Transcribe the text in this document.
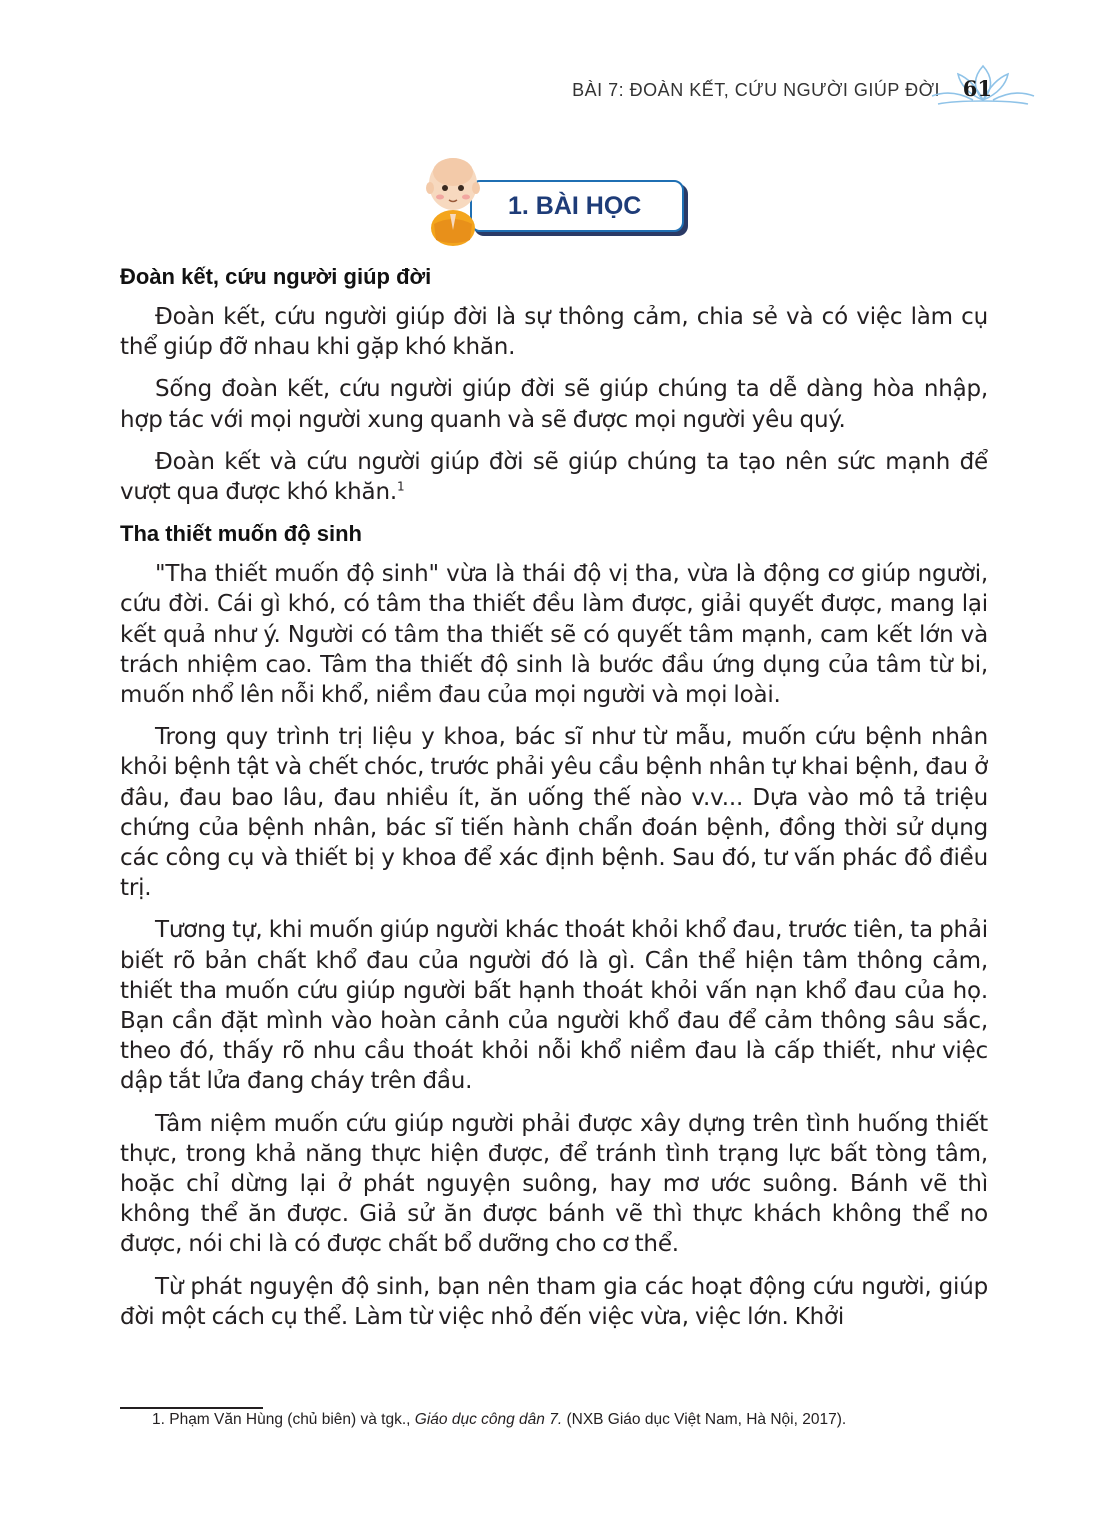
BÀI 7: ĐOÀN KẾT, CỨU NGƯỜI GIÚP ĐỜI 61
1. BÀI HỌC
Đoàn kết, cứu người giúp đời

Đoàn kết, cứu người giúp đời là sự thông cảm, chia sẻ và có việc làm cụ thể giúp đỡ nhau khi gặp khó khăn.

Sống đoàn kết, cứu người giúp đời sẽ giúp chúng ta dễ dàng hòa nhập, hợp tác với mọi người xung quanh và sẽ được mọi người yêu quý.

Đoàn kết và cứu người giúp đời sẽ giúp chúng ta tạo nên sức mạnh để vượt qua được khó khăn.$^1$

Tha thiết muốn độ sinh

"Tha thiết muốn độ sinh" vừa là thái độ vị tha, vừa là động cơ giúp người, cứu đời. Cái gì khó, có tâm tha thiết đều làm được, giải quyết được, mang lại kết quả như ý. Người có tâm tha thiết sẽ có quyết tâm mạnh, cam kết lớn và trách nhiệm cao. Tâm tha thiết độ sinh là bước đầu ứng dụng của tâm từ bi, muốn nhổ lên nỗi khổ, niềm đau của mọi người và mọi loài.

Trong quy trình trị liệu y khoa, bác sĩ như từ mẫu, muốn cứu bệnh nhân khỏi bệnh tật và chết chóc, trước phải yêu cầu bệnh nhân tự khai bệnh, đau ở đâu, đau bao lâu, đau nhiều ít, ăn uống thế nào v.v... Dựa vào mô tả triệu chứng của bệnh nhân, bác sĩ tiến hành chẩn đoán bệnh, đồng thời sử dụng các công cụ và thiết bị y khoa để xác định bệnh. Sau đó, tư vấn phác đồ điều trị.

Tương tự, khi muốn giúp người khác thoát khỏi khổ đau, trước tiên, ta phải biết rõ bản chất khổ đau của người đó là gì. Cần thể hiện tâm thông cảm, thiết tha muốn cứu giúp người bất hạnh thoát khỏi vấn nạn khổ đau của họ. Bạn cần đặt mình vào hoàn cảnh của người khổ đau để cảm thông sâu sắc, theo đó, thấy rõ nhu cầu thoát khỏi nỗi khổ niềm đau là cấp thiết, như việc dập tắt lửa đang cháy trên đầu.

Tâm niệm muốn cứu giúp người phải được xây dựng trên tình huống thiết thực, trong khả năng thực hiện được, để tránh tình trạng lực bất tòng tâm, hoặc chỉ dừng lại ở phát nguyện suông, hay mơ ước suông. Bánh vẽ thì không thể ăn được. Giả sử ăn được bánh vẽ thì thực khách không thể no được, nói chi là có được chất bổ dưỡng cho cơ thể.

Từ phát nguyện độ sinh, bạn nên tham gia các hoạt động cứu người, giúp đời một cách cụ thể. Làm từ việc nhỏ đến việc vừa, việc lớn. Khởi

1. Phạm Văn Hùng (chủ biên) và tgk., Giáo dục công dân 7. (NXB Giáo dục Việt Nam, Hà Nội, 2017).
